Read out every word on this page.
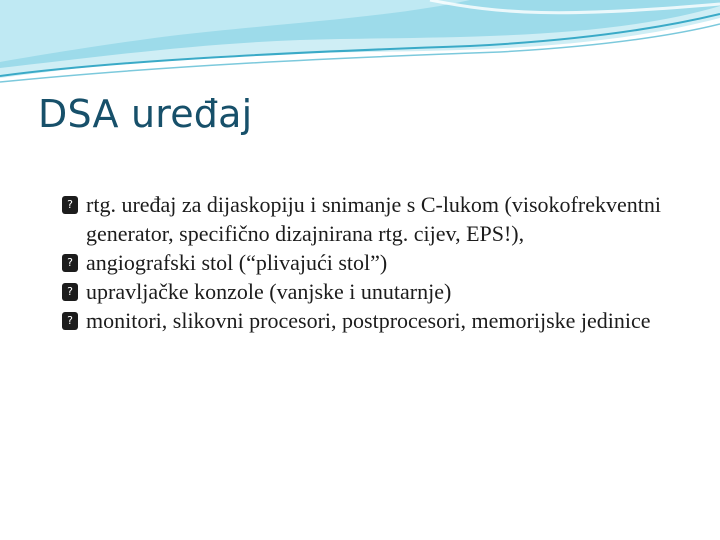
DSA uređaj
? rtg. uređaj za dijaskopiju i snimanje s C-lukom (visokofrekventni generator, specifično dizajnirana rtg. cijev, EPS!),
? angiografski stol (“plivajući stol”)
? upravljačke konzole (vanjske i unutarnje)
? monitori, slikovni procesori, postprocesori, memorijske jedinice
